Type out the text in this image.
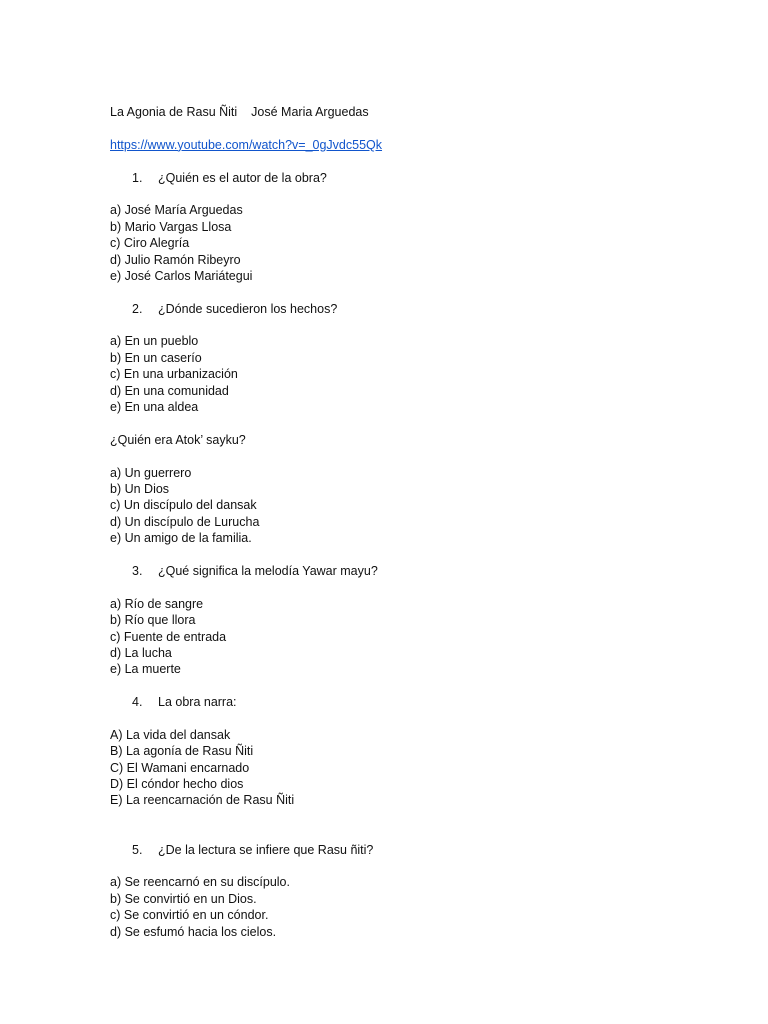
La Agonia de Rasu Ñiti José Maria Arguedas
https://www.youtube.com/watch?v=_0gJvdc55Qk
1. ¿Quién es el autor de la obra?
a) José María Arguedas
b) Mario Vargas Llosa
c) Ciro Alegría
d) Julio Ramón Ribeyro
e) José Carlos Mariátegui
2. ¿Dónde sucedieron los hechos?
a) En un pueblo
b) En un caserío
c) En una urbanización
d) En una comunidad
e) En una aldea
¿Quién era Atok’ sayku?
a) Un guerrero
b) Un Dios
c) Un discípulo del dansak
d) Un discípulo de Lurucha
e) Un amigo de la familia.
3. ¿Qué significa la melodía Yawar mayu?
a) Río de sangre
b) Río que llora
c) Fuente de entrada
d) La lucha
e) La muerte
4. La obra narra:
A) La vida del dansak
B) La agonía de Rasu Ñiti
C) El Wamani encarnado
D) El cóndor hecho dios
E) La reencarnación de Rasu Ñiti
5. ¿De la lectura se infiere que Rasu ñiti?
a) Se reencarnó en su discípulo.
b) Se convirtió en un Dios.
c) Se convirtió en un cóndor.
d) Se esfumó hacia los cielos.
